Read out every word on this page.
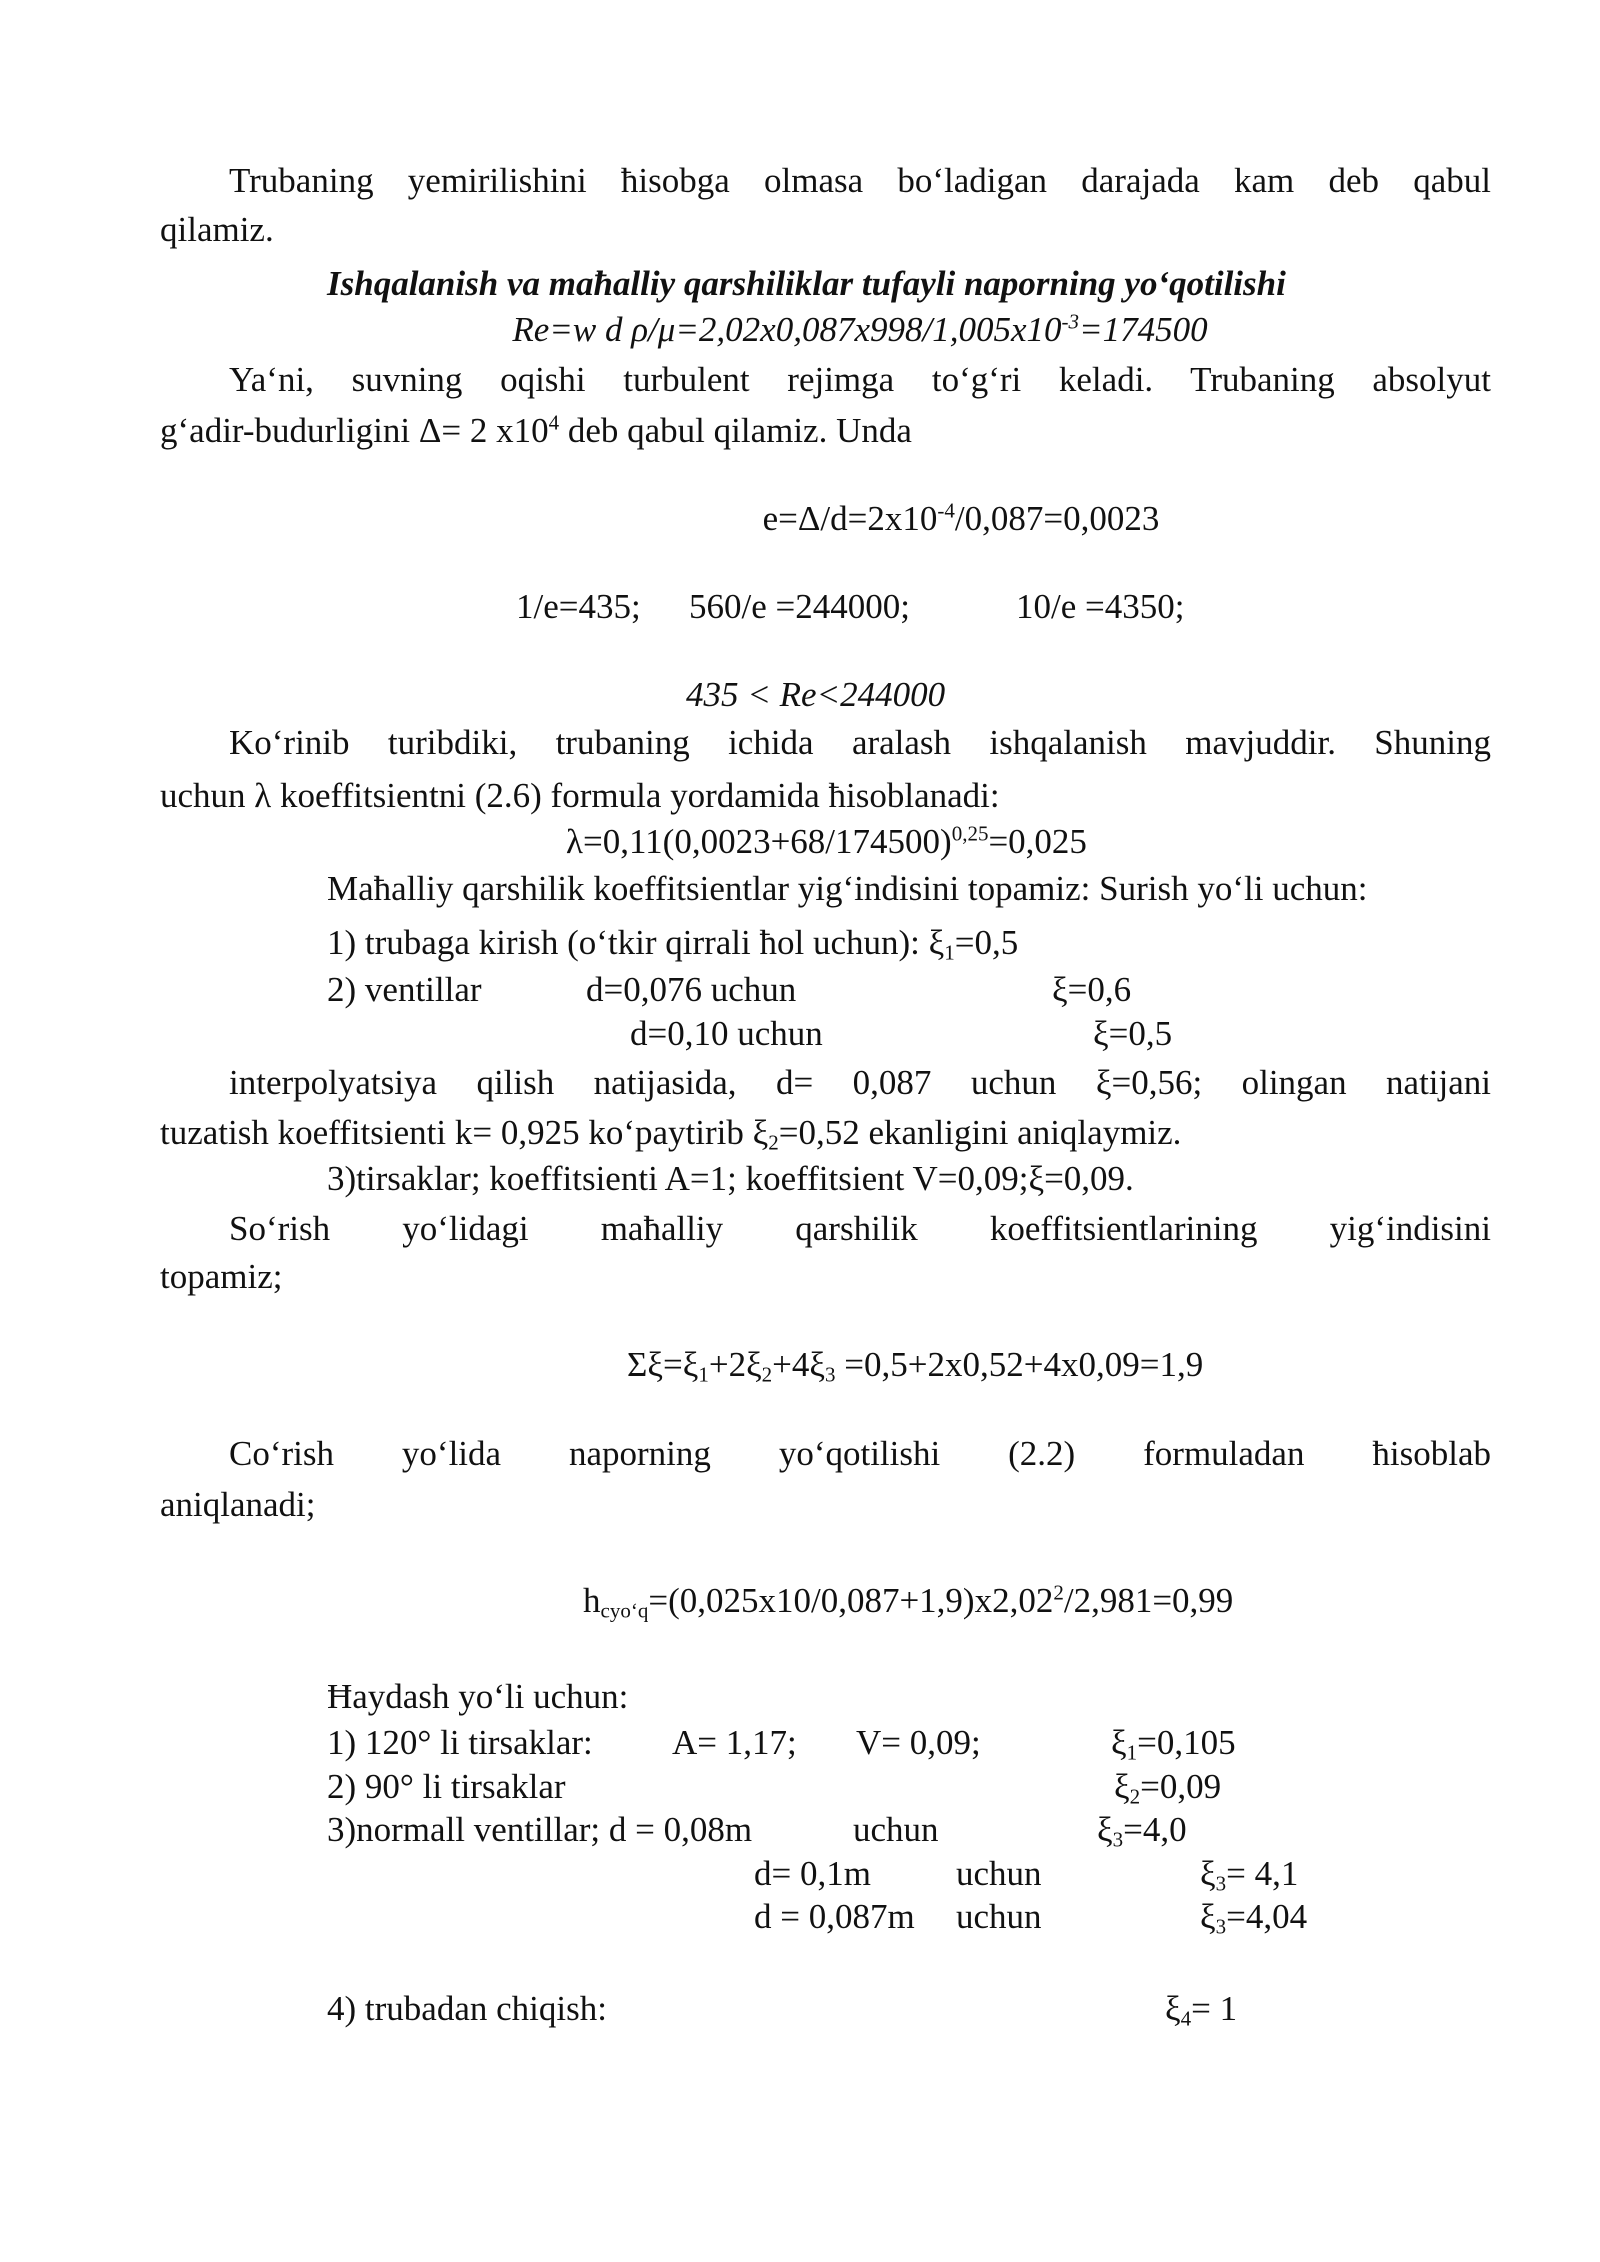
Trubaning yemirilishini ħisobga olmasa bo‘ladigan darajada kam deb qabul
qilamiz.
Ishqalanish va maħalliy qarshiliklar tufayli naporning yo‘qotilishi
Re=w d $\rho/\mu=2,02x0,087x998/1,005x10^{-3}=174500$
Ya‘ni, suvning oqishi turbulent rejimga to‘g‘ri keladi. Trubaning absolyut
g‘adir-budurligini Δ= 2 $x10^4$ deb qabul qilamiz. Unda
$e=\Delta/d=2x10^{-4}/0,087=0,0023$
1/e=435; 560/e =244000;	10/e =4350;
435 < Re<244000
Ko‘rinib turibdiki, trubaning ichida aralash ishqalanish mavjuddir. Shuning
uchun λ koeffitsientni (2.6) formula yordamida ħisoblanadi:
$\lambda=0,11(0,0023+68/174500)^{0,25}=0,025$
Maħalliy qarshilik koeffitsientlar yig‘indisini topamiz: Surish yo‘li uchun:
1) trubaga kirish (o‘tkir qirrali ħol uchun): $\xi_1=0,5$
2) ventillar	d=0,076 uchun	ξ=0,6
d=0,10 uchun	ξ=0,5
interpolyatsiya qilish natijasida, d= 0,087 uchun ξ=0,56; olingan natijani
tuzatish koeffitsienti k= 0,925 ko‘paytirib $\xi_2=0,52$ ekanligini aniqlaymiz.
3)tirsaklar; koeffitsienti A=1; koeffitsient V=0,09;ξ=0,09.
So‘rish yo‘lidagi maħalliy qarshilik koeffitsientlarining yig‘indisini
topamiz;
$\Sigma\xi=\xi_1+2\xi_2+4\xi_3 =0,5+2x0,52+4x0,09=1,9$
Co‘rish yo‘lida naporning yo‘qotilishi (2.2) formuladan ħisoblab
aniqlanadi;
$h_{cyo‘q}=(0,025x10/0,087+1,9)x2,02^2/2,981=0,99$
Ħaydash yo‘li uchun:
1) 120° li tirsaklar: A= 1,17; V= 0,09;	$\xi_1=0,105$
2) 90° li tirsaklar	$\xi_2=0,09$
3)normall ventillar; d = 0,08m	uchun	$\xi_3=4,0$
d= 0,1m uchun	$\xi_3= 4,1$
d = 0,087m uchun	$\xi_3=4,04$
4) trubadan chiqish:	$\xi_4= 1$
